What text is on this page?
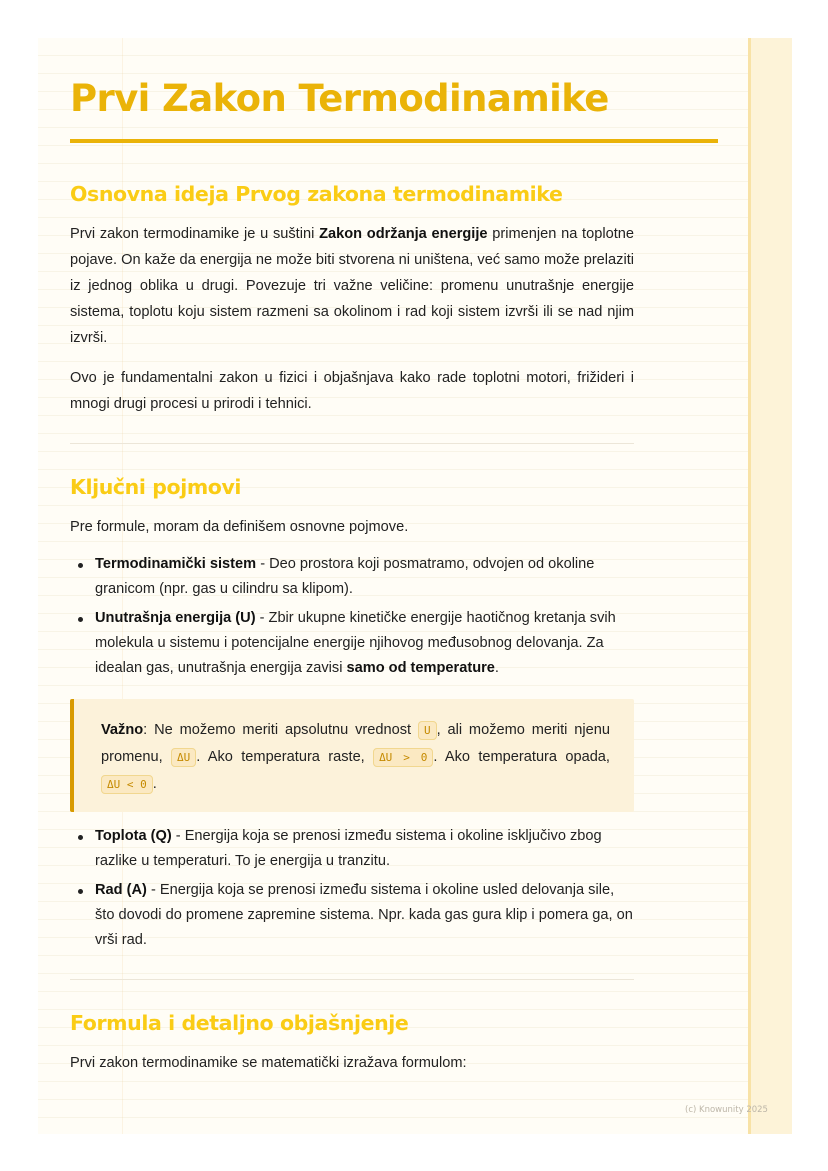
(c) Knowunity 2025
Prvi Zakon Termodinamike
Osnovna ideja Prvog zakona termodinamike

Prvi zakon termodinamike je u suštini Zakon održanja energije primenjen na toplotne pojave. On kaže da energija ne može biti stvorena ni uništena, već samo može prelaziti iz jednog oblika u drugi. Povezuje tri važne veličine: promenu unutrašnje energije sistema, toplotu koju sistem razmeni sa okolinom i rad koji sistem izvrši ili se nad njim izvrši.

Ovo je fundamentalni zakon u fizici i objašnjava kako rade toplotni motori, frižideri i mnogi drugi procesi u prirodi i tehnici.

Ključni pojmovi

Pre formule, moram da definišem osnovne pojmove.

Termodinamički sistem - Deo prostora koji posmatramo, odvojen od okoline granicom (npr. gas u cilindru sa klipom).
Unutrašnja energija (U) - Zbir ukupne kinetičke energije haotičnog kretanja svih molekula u sistemu i potencijalne energije njihovog međusobnog delovanja. Za idealan gas, unutrašnja energija zavisi samo od temperature.

Važno: Ne možemo meriti apsolutnu vrednost U , ali možemo meriti njenu promenu, ΔU . Ako temperatura raste, ΔU > 0 . Ako temperatura opada, ΔU < 0 .

Toplota (Q) - Energija koja se prenosi između sistema i okoline isključivo zbog razlike u temperaturi. To je energija u tranzitu.
Rad (A) - Energija koja se prenosi između sistema i okoline usled delovanja sile, što dovodi do promene zapremine sistema. Npr. kada gas gura klip i pomera ga, on vrši rad.
Formula i detaljno objašnjenje

Prvi zakon termodinamike se matematički izražava formulom:
